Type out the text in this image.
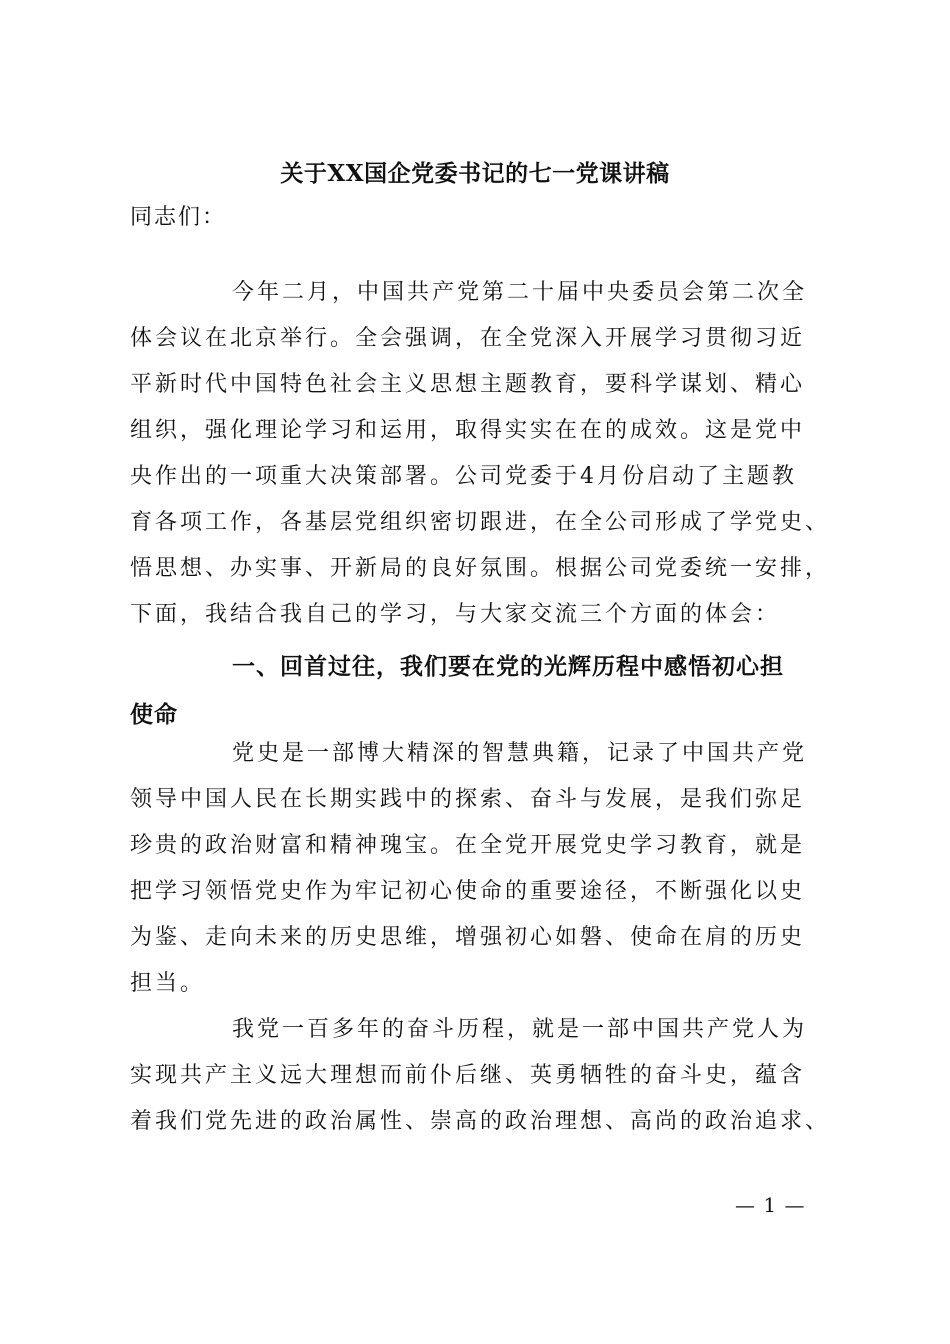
关于XX国企党委书记的七一党课讲稿
同志们：
今年二月，中国共产党第二十届中央委员会第二次全
体会议在北京举行。全会强调，在全党深入开展学习贯彻习近
平新时代中国特色社会主义思想主题教育，要科学谋划、精心
组织，强化理论学习和运用，取得实实在在的成效。这是党中
央作出的一项重大决策部署。公司党委于4月份启动了主题教
育各项工作，各基层党组织密切跟进，在全公司形成了学党史、
悟思想、办实事、开新局的良好氛围。根据公司党委统一安排，
下面，我结合我自己的学习，与大家交流三个方面的体会：
一、回首过往，我们要在党的光辉历程中感悟初心担
使命
党史是一部博大精深的智慧典籍，记录了中国共产党
领导中国人民在长期实践中的探索、奋斗与发展，是我们弥足
珍贵的政治财富和精神瑰宝。在全党开展党史学习教育，就是
把学习领悟党史作为牢记初心使命的重要途径，不断强化以史
为鉴、走向未来的历史思维，增强初心如磐、使命在肩的历史
担当。
我党一百多年的奋斗历程，就是一部中国共产党人为
实现共产主义远大理想而前仆后继、英勇牺牲的奋斗史，蕴含
着我们党先进的政治属性、崇高的政治理想、高尚的政治追求、
— 1 —
